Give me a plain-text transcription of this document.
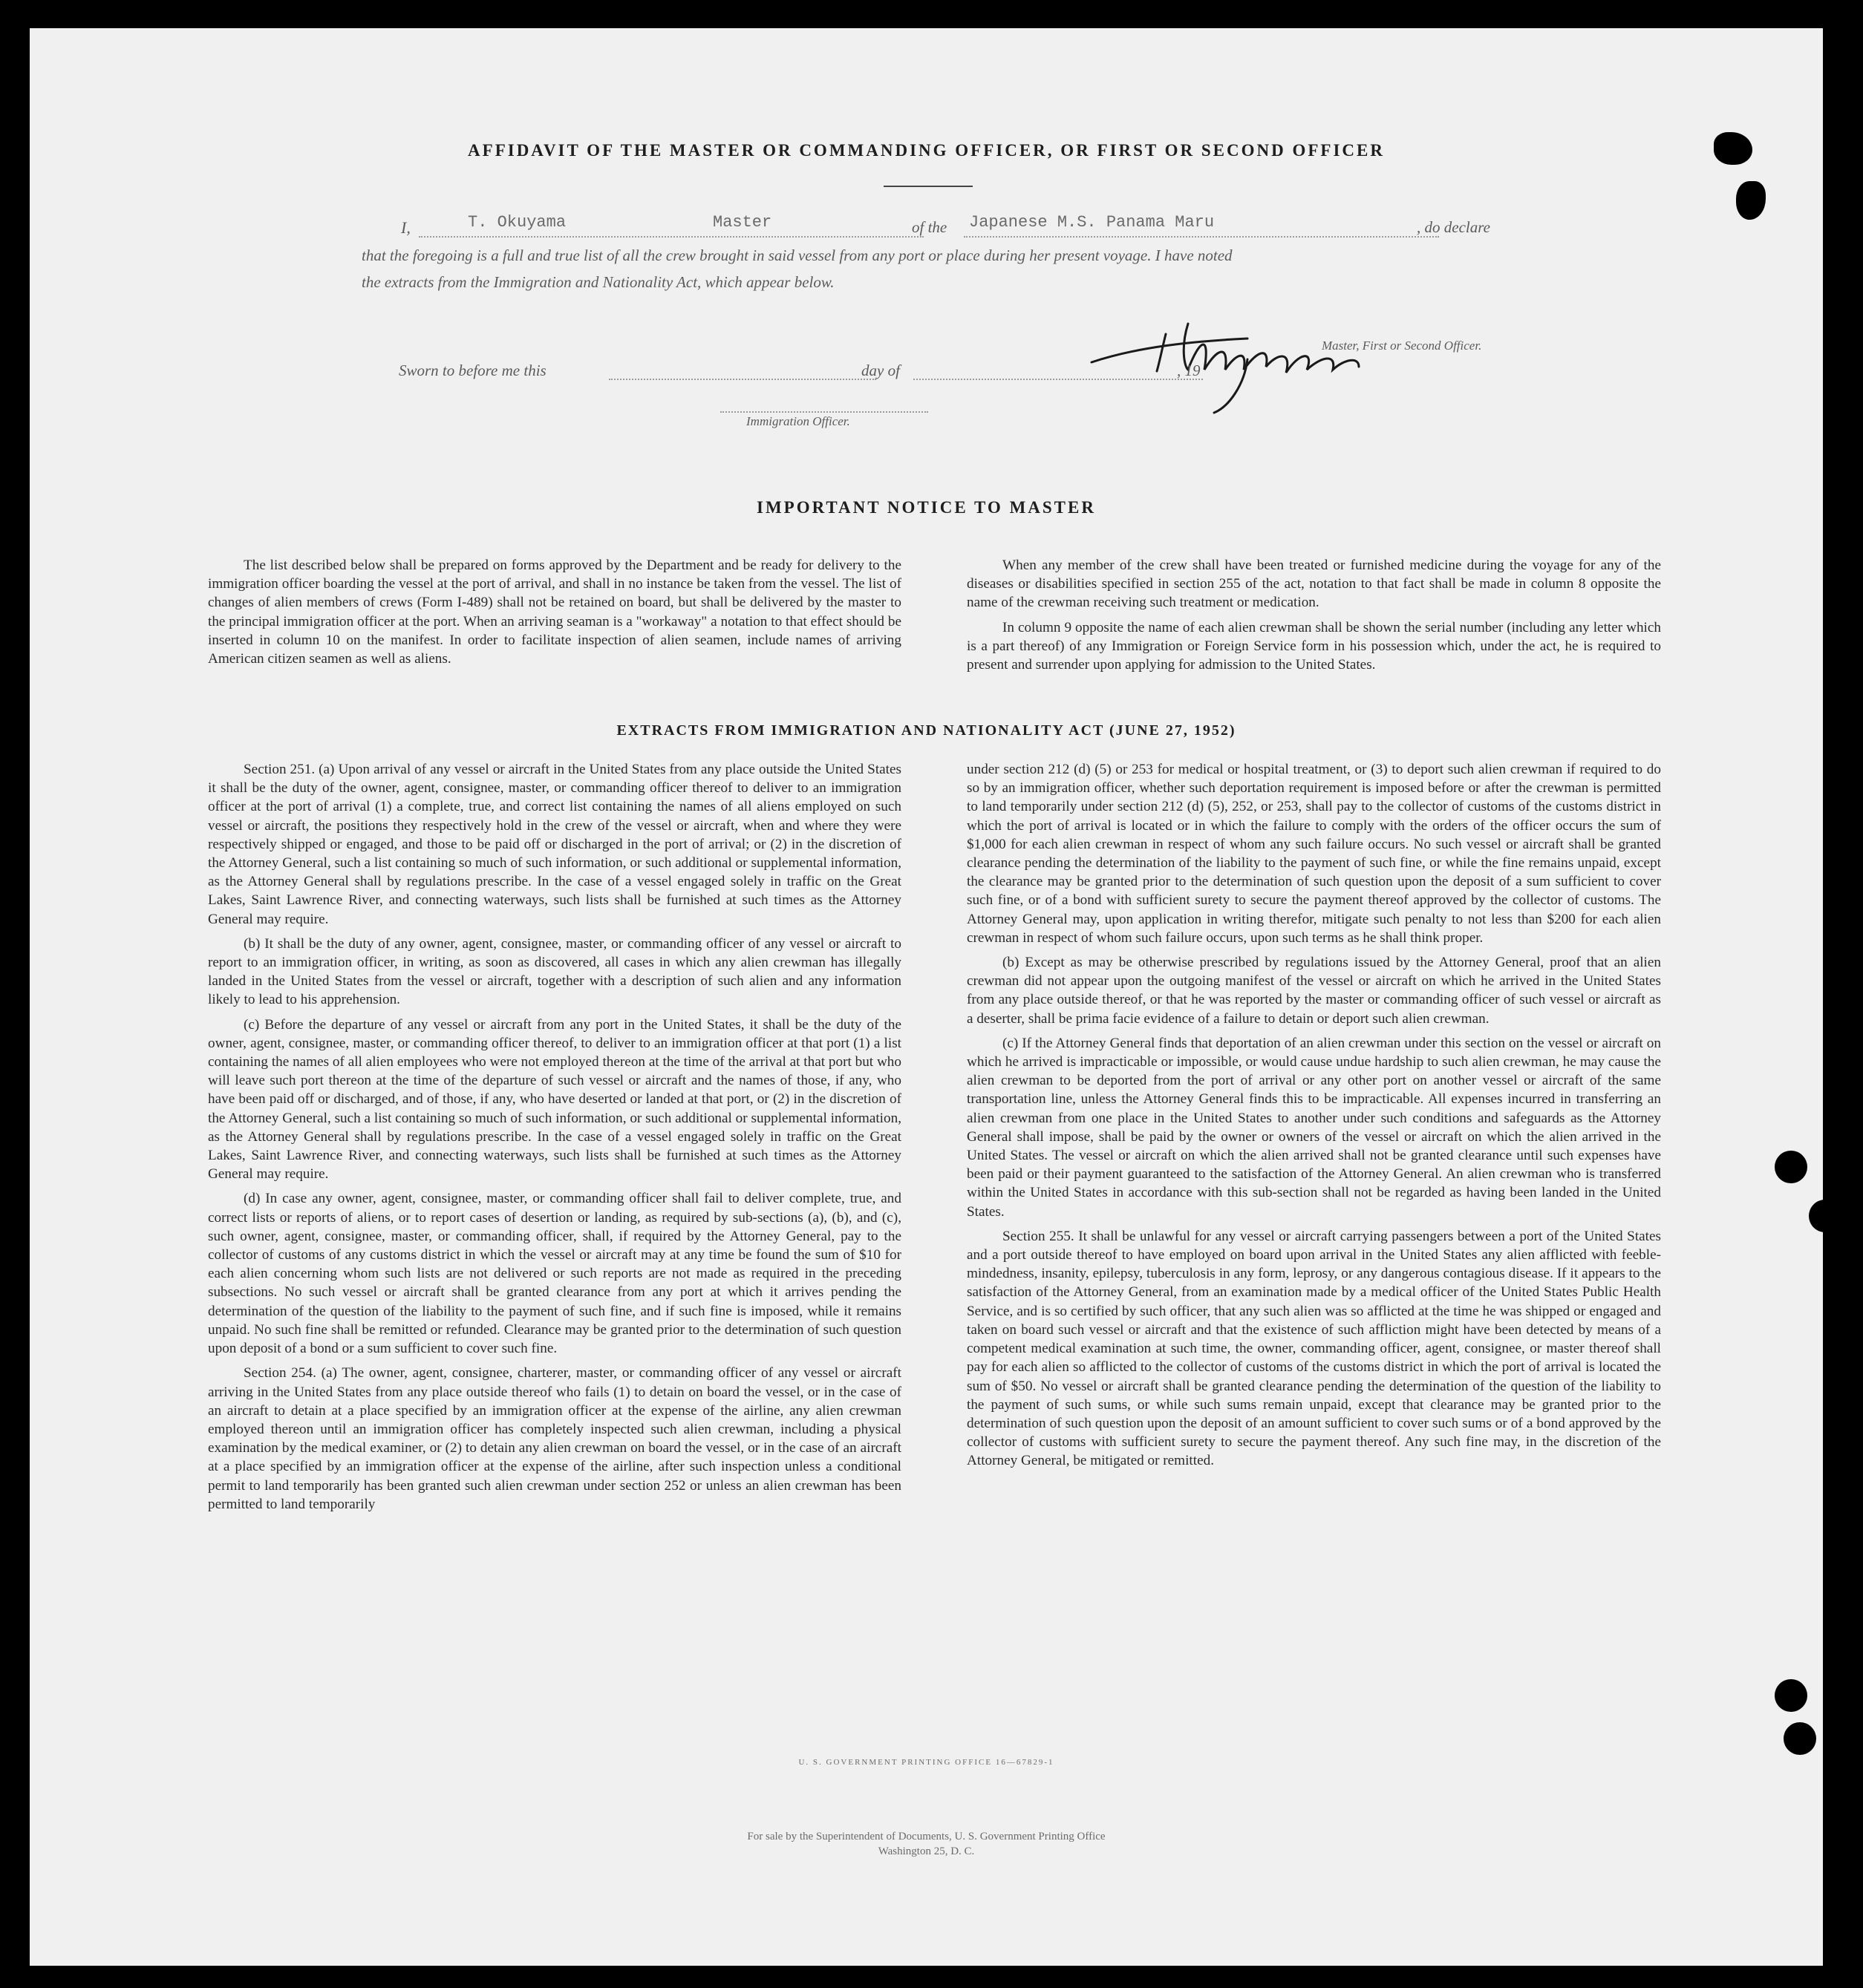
AFFIDAVIT OF THE MASTER OR COMMANDING OFFICER, OR FIRST OR SECOND OFFICER
I,	T. Okuyama	Master	of the Japanese M.S. Panama Maru	, do declare
that the foregoing is a full and true list of all the crew brought in said vessel from any port or place during her present voyage. I have noted
the extracts from the Immigration and Nationality Act, which appear below.
Master, First or Second Officer.
Sworn to before me this	day of	, 19
Immigration Officer.
IMPORTANT NOTICE TO MASTER

The list described below shall be prepared on forms approved by the Department and be ready for delivery to the immigration officer boarding the vessel at the port of arrival, and shall in no instance be taken from the vessel. The list of changes of alien members of crews (Form I-489) shall not be retained on board, but shall be delivered by the master to the principal immigration officer at the port. When an arriving seaman is a "workaway" a notation to that effect should be inserted in column 10 on the manifest. In order to facilitate inspection of alien seamen, include names of arriving American citizen seamen as well as aliens.

When any member of the crew shall have been treated or furnished medicine during the voyage for any of the diseases or disabilities specified in section 255 of the act, notation to that fact shall be made in column 8 opposite the name of the crewman receiving such treatment or medication.

In column 9 opposite the name of each alien crewman shall be shown the serial number (including any letter which is a part thereof) of any Immigration or Foreign Service form in his possession which, under the act, he is required to present and surrender upon applying for admission to the United States.

EXTRACTS FROM IMMIGRATION AND NATIONALITY ACT (JUNE 27, 1952)

Section 251. (a) Upon arrival of any vessel or aircraft in the United States from any place outside the United States it shall be the duty of the owner, agent, consignee, master, or commanding officer thereof to deliver to an immigration officer at the port of arrival (1) a complete, true, and correct list containing the names of all aliens employed on such vessel or aircraft, the positions they respectively hold in the crew of the vessel or aircraft, when and where they were respectively shipped or engaged, and those to be paid off or discharged in the port of arrival; or (2) in the discretion of the Attorney General, such a list containing so much of such information, or such additional or supplemental information, as the Attorney General shall by regulations prescribe. In the case of a vessel engaged solely in traffic on the Great Lakes, Saint Lawrence River, and connecting waterways, such lists shall be furnished at such times as the Attorney General may require.

(b) It shall be the duty of any owner, agent, consignee, master, or commanding officer of any vessel or aircraft to report to an immigration officer, in writing, as soon as discovered, all cases in which any alien crewman has illegally landed in the United States from the vessel or aircraft, together with a description of such alien and any information likely to lead to his apprehension.

(c) Before the departure of any vessel or aircraft from any port in the United States, it shall be the duty of the owner, agent, consignee, master, or commanding officer thereof, to deliver to an immigration officer at that port (1) a list containing the names of all alien employees who were not employed thereon at the time of the arrival at that port but who will leave such port thereon at the time of the departure of such vessel or aircraft and the names of those, if any, who have been paid off or discharged, and of those, if any, who have deserted or landed at that port, or (2) in the discretion of the Attorney General, such a list containing so much of such information, or such additional or supplemental information, as the Attorney General shall by regulations prescribe. In the case of a vessel engaged solely in traffic on the Great Lakes, Saint Lawrence River, and connecting waterways, such lists shall be furnished at such times as the Attorney General may require.

(d) In case any owner, agent, consignee, master, or commanding officer shall fail to deliver complete, true, and correct lists or reports of aliens, or to report cases of desertion or landing, as required by sub-sections (a), (b), and (c), such owner, agent, consignee, master, or commanding officer, shall, if required by the Attorney General, pay to the collector of customs of any customs district in which the vessel or aircraft may at any time be found the sum of $10 for each alien concerning whom such lists are not delivered or such reports are not made as required in the preceding subsections. No such vessel or aircraft shall be granted clearance from any port at which it arrives pending the determination of the question of the liability to the payment of such fine, and if such fine is imposed, while it remains unpaid. No such fine shall be remitted or refunded. Clearance may be granted prior to the determination of such question upon deposit of a bond or a sum sufficient to cover such fine.

Section 254. (a) The owner, agent, consignee, charterer, master, or commanding officer of any vessel or aircraft arriving in the United States from any place outside thereof who fails (1) to detain on board the vessel, or in the case of an aircraft to detain at a place specified by an immigration officer at the expense of the airline, any alien crewman employed thereon until an immigration officer has completely inspected such alien crewman, including a physical examination by the medical examiner, or (2) to detain any alien crewman on board the vessel, or in the case of an aircraft at a place specified by an immigration officer at the expense of the airline, after such inspection unless a conditional permit to land temporarily has been granted such alien crewman under section 252 or unless an alien crewman has been permitted to land temporarily

under section 212 (d) (5) or 253 for medical or hospital treatment, or (3) to deport such alien crewman if required to do so by an immigration officer, whether such deportation requirement is imposed before or after the crewman is permitted to land temporarily under section 212 (d) (5), 252, or 253, shall pay to the collector of customs of the customs district in which the port of arrival is located or in which the failure to comply with the orders of the officer occurs the sum of $1,000 for each alien crewman in respect of whom any such failure occurs. No such vessel or aircraft shall be granted clearance pending the determination of the liability to the payment of such fine, or while the fine remains unpaid, except the clearance may be granted prior to the determination of such question upon the deposit of a sum sufficient to cover such fine, or of a bond with sufficient surety to secure the payment thereof approved by the collector of customs. The Attorney General may, upon application in writing therefor, mitigate such penalty to not less than $200 for each alien crewman in respect of whom such failure occurs, upon such terms as he shall think proper.

(b) Except as may be otherwise prescribed by regulations issued by the Attorney General, proof that an alien crewman did not appear upon the outgoing manifest of the vessel or aircraft on which he arrived in the United States from any place outside thereof, or that he was reported by the master or commanding officer of such vessel or aircraft as a deserter, shall be prima facie evidence of a failure to detain or deport such alien crewman.

(c) If the Attorney General finds that deportation of an alien crewman under this section on the vessel or aircraft on which he arrived is impracticable or impossible, or would cause undue hardship to such alien crewman, he may cause the alien crewman to be deported from the port of arrival or any other port on another vessel or aircraft of the same transportation line, unless the Attorney General finds this to be impracticable. All expenses incurred in transferring an alien crewman from one place in the United States to another under such conditions and safeguards as the Attorney General shall impose, shall be paid by the owner or owners of the vessel or aircraft on which the alien arrived in the United States. The vessel or aircraft on which the alien arrived shall not be granted clearance until such expenses have been paid or their payment guaranteed to the satisfaction of the Attorney General. An alien crewman who is transferred within the United States in accordance with this sub-section shall not be regarded as having been landed in the United States.

Section 255. It shall be unlawful for any vessel or aircraft carrying passengers between a port of the United States and a port outside thereof to have employed on board upon arrival in the United States any alien afflicted with feeble-mindedness, insanity, epilepsy, tuberculosis in any form, leprosy, or any dangerous contagious disease. If it appears to the satisfaction of the Attorney General, from an examination made by a medical officer of the United States Public Health Service, and is so certified by such officer, that any such alien was so afflicted at the time he was shipped or engaged and taken on board such vessel or aircraft and that the existence of such affliction might have been detected by means of a competent medical examination at such time, the owner, commanding officer, agent, consignee, or master thereof shall pay for each alien so afflicted to the collector of customs of the customs district in which the port of arrival is located the sum of $50. No vessel or aircraft shall be granted clearance pending the determination of the question of the liability to the payment of such sums, or while such sums remain unpaid, except that clearance may be granted prior to the determination of such question upon the deposit of an amount sufficient to cover such sums or of a bond approved by the collector of customs with sufficient surety to secure the payment thereof. Any such fine may, in the discretion of the Attorney General, be mitigated or remitted.

U. S. GOVERNMENT PRINTING OFFICE 16—67829-1
For sale by the Superintendent of Documents, U. S. Government Printing Office
Washington 25, D. C.
